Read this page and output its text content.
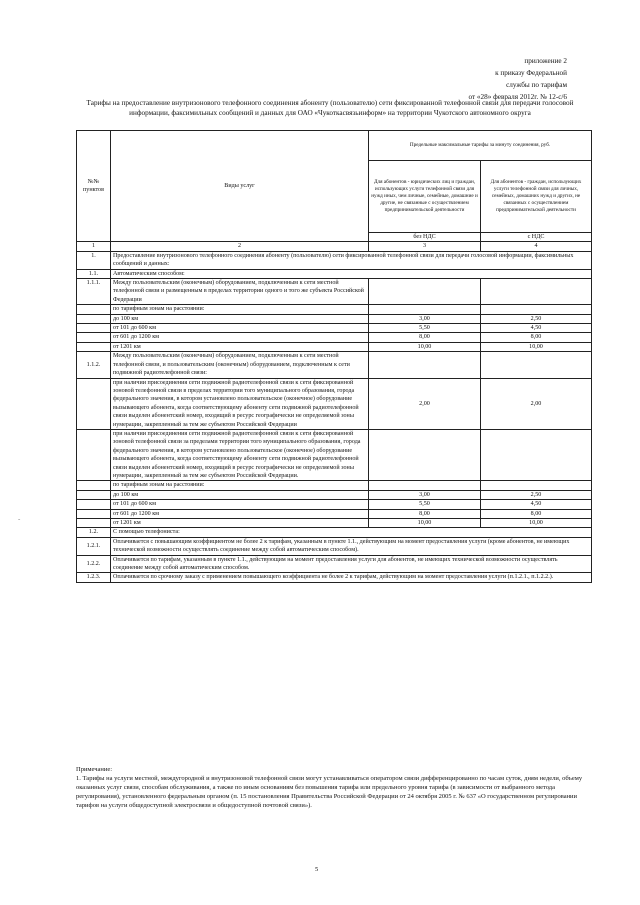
приложение 2
к приказу Федеральной
службы по тарифам
от «28» февраля 2012г. № 12-с/6
Тарифы на предоставление внутризонового телефонного соединения абоненту (пользователю) сети фиксированной телефонной связи для передачи голосовой информации, факсимильных сообщений и данных для ОАО «Чукоткасвязьинформ» на территории Чукотского автономного округа
-
№№ пунктов	Виды услуг	Предельные максимальные тарифы за минуту соединения, руб.	
		Для абонентов - юридических лиц и граждан, использующих услуги телефонной связи для нужд иных, чем личные, семейные, домашние и другие, не связанные с осуществлением предпринимательской деятельности	Для абонентов - граждан, использующих услуги телефонной связи для личных, семейных, домашних нужд и других, не связанных с осуществлением предпринимательской деятельности
		без НДС	с НДС
1	2	3	4
1.	Предоставление внутризонового телефонного соединения абоненту (пользователю) сети фиксированной телефонной связи для передачи голосовой информации, факсимильных сообщений и данных:		
1.1.	Автоматическим способом:		
1.1.1.	Между пользовательским (оконечным) оборудованием, подключенным к сети местной телефонной связи и размещенным в пределах территории одного и того же субъекта Российской Федерации		
	по тарифным зонам на расстоянии:		
	до 100 км	3,00	2,50
	от 101 до 600 км	5,50	4,50
	от 601 до 1200 км	8,00	8,00
	от 1201 км	10,00	10,00
1.1.2.	Между пользовательским (оконечным) оборудованием, подключенным к сети местной телефонной связи, и пользовательским (оконечным) оборудованием, подключенным к сети подвижной радиотелефонной связи:		
	при наличии присоединения сети подвижной радиотелефонной связи к сети фиксированной зоновой телефонной связи в пределах территории того муниципального образования, города федерального значения, в котором установлено пользовательское (оконечное) оборудование вызывающего абонента, когда соответствующему абоненту сети подвижной радиотелефонной связи выделен абонентский номер, входящий в ресурс географически не определяемой зоны нумерации, закрепленный за тем же субъектом Российской Федерации	2,00	2,00
	при наличии присоединения сети подвижной радиотелефонной связи к сети фиксированной зоновой телефонной связи за пределами территории того муниципального образования, города федерального значения, в котором установлено пользовательское (оконечное) оборудование вызывающего абонента, когда соответствующему абоненту сети подвижной радиотелефонной связи выделен абонентский номер, входящий в ресурс географически не определяемой зоны нумерации, закрепленный за тем же субъектом Российской Федерации.		
	по тарифным зонам на расстоянии:		
	до 100 км	3,00	2,50
	от 101 до 600 км	5,50	4,50
	от 601 до 1200 км	8,00	8,00
	от 1201 км	10,00	10,00
1.2.	С помощью телефониста:		
1.2.1.	Оплачивается с повышающим коэффициентом не более 2 к тарифам, указанным в пункте 1.1., действующим на момент предоставления услуги (кроме абонентов, не имеющих технической возможности осуществлять соединение между собой автоматическим способом).		
1.2.2.	Оплачивается по тарифам, указанным в пункте 1.1., действующим на момент предоставления услуги для абонентов, не имеющих технической возможности осуществлять соединение между собой автоматическим способом.		
1.2.3.	Оплачивается по срочному заказу с применением повышающего коэффициента не более 2 к тарифам, действующим на момент предоставления услуги (п.1.2.1., п.1.2.2.).		
Примечание:
1. Тарифы на услуги местной, междугородной и внутризоновой телефонной связи могут устанавливаться оператором связи дифференцированно по часам суток, дням недели, объему оказанных услуг связи, способам обслуживания, а также по иным основаниям без повышения тарифа или предельного уровня тарифа (в зависимости от выбранного метода регулирования), установленного федеральным органом (п. 15 постановления Правительства Российской Федерации от 24 октября 2005 г. № 637 «О государственном регулировании тарифов на услуги общедоступной электросвязи и общедоступной почтовой связи»).
5
